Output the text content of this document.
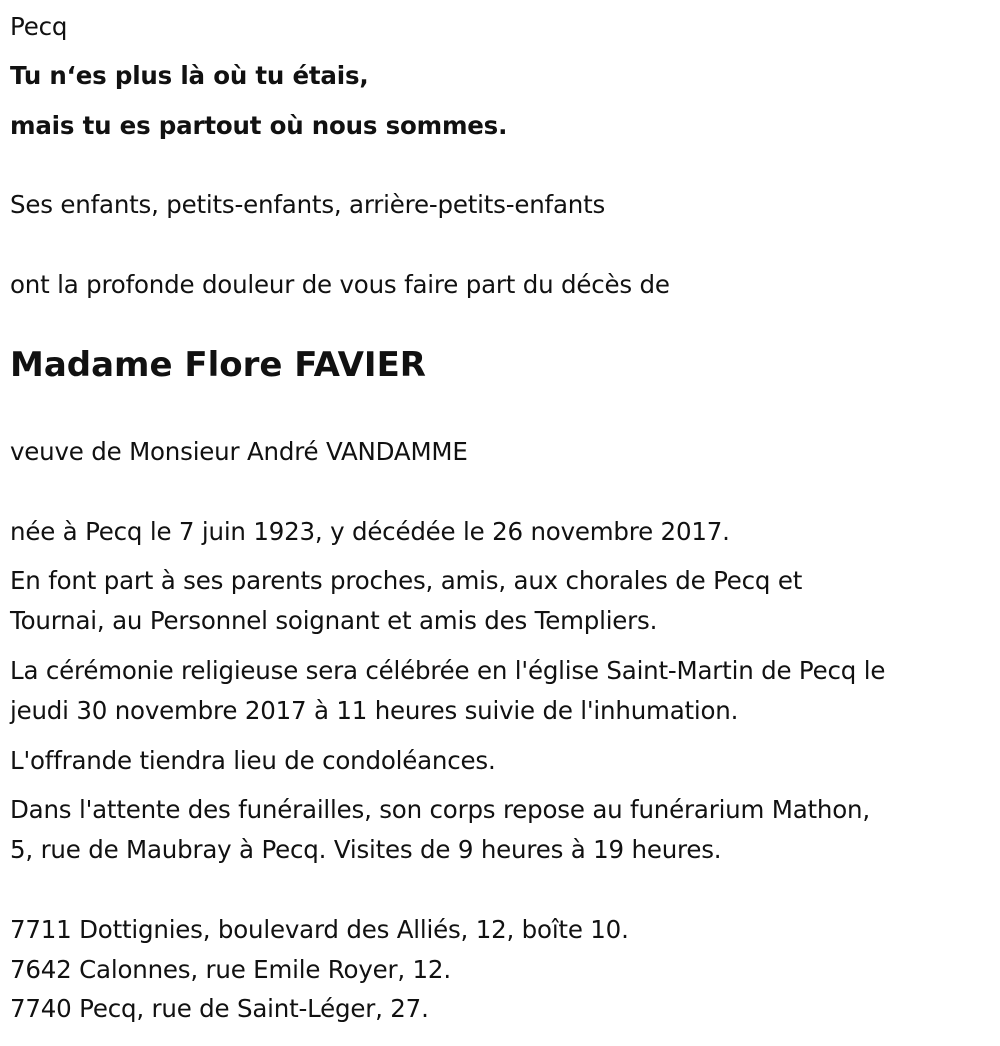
Pecq
Tu n‘es plus là où tu étais,
mais tu es partout où nous sommes.
Ses enfants, petits-enfants, arrière-petits-enfants
ont la profonde douleur de vous faire part du décès de
Madame Flore FAVIER
veuve de Monsieur André VANDAMME
née à Pecq le 7 juin 1923, y décédée le 26 novembre 2017.
En font part à ses parents proches, amis, aux chorales de Pecq et
Tournai, au Personnel soignant et amis des Templiers.
La cérémonie religieuse sera célébrée en l'église Saint-Martin de Pecq le
jeudi 30 novembre 2017 à 11 heures suivie de l'inhumation.
L'offrande tiendra lieu de condoléances.
Dans l'attente des funérailles, son corps repose au funérarium Mathon,
5, rue de Maubray à Pecq. Visites de 9 heures à 19 heures.
7711 Dottignies, boulevard des Alliés, 12, boîte 10.
7642 Calonnes, rue Emile Royer, 12.
7740 Pecq, rue de Saint-Léger, 27.
